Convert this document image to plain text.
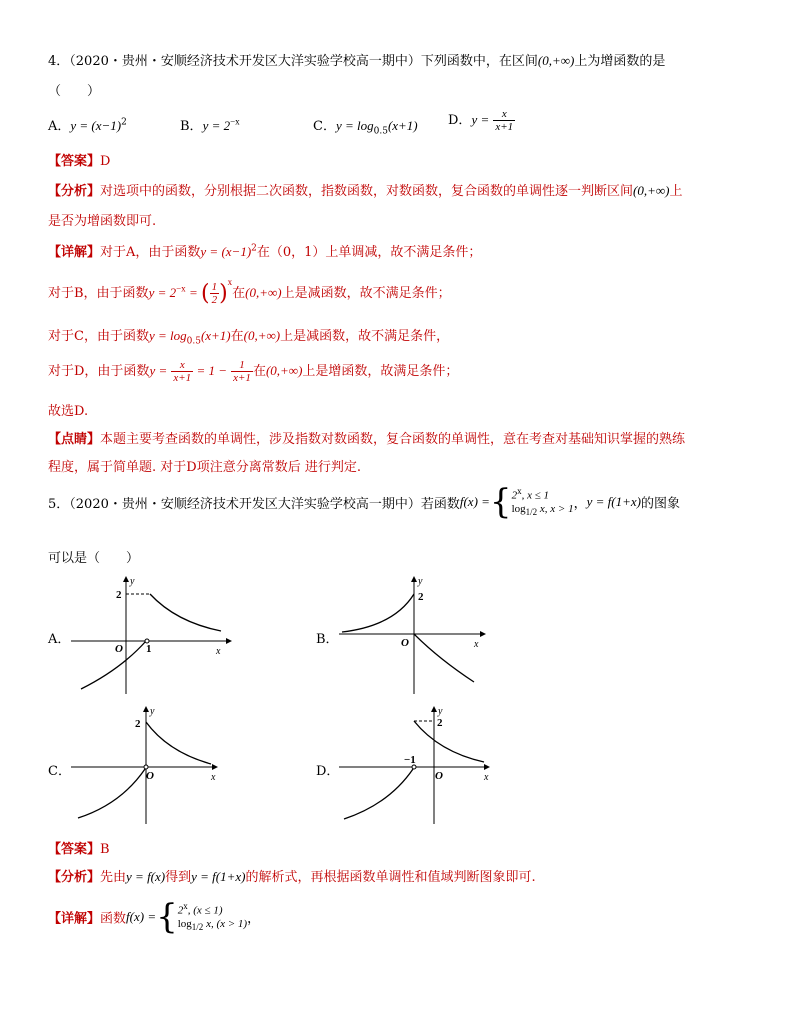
4．（2020・贵州・安顺经济技术开发区大洋实验学校高一期中）下列函数中，在区间(0,+∞)上为增函数的是
（　　）
A．$y = (x-1)^2$	B．$y = 2^{-x}$	C．$y = \log_{0.5}(x+1)$ D．$y = \frac{x}{x+1}$
【答案】D
【分析】对选项中的函数，分别根据二次函数，指数函数，对数函数，复合函数的单调性逐一判断区间(0,+∞)上
是否为增函数即可.
【详解】对于A，由于函数$y = (x-1)^2$在（0，1）上单调减，故不满足条件；
对于B，由于函数$y = 2^{-x}$ = ( $\frac{1}{2} )^x$在(0,+∞)上是减函数，故不满足条件；
对于C，由于函数$y = \log_{0.5}(x+1)$在(0,+∞)上是减函数，故不满足条件，
对于D，由于函数$y = \frac{x}{x+1} = 1 - \frac{1}{x+1}$ 在(0,+∞)上是增函数，故满足条件；
故选D.
【点睛】本题主要考查函数的单调性，涉及指数对数函数，复合函数的单调性，意在考查对基础知识掌握的熟练
程度，属于简单题. 对于D项注意分离常数后 进行判定.
5．（2020・贵州・安顺经济技术开发区大洋实验学校高一期中）若函数f(x) ={ 2$^x$, x ≤ 1
$\log_{1/2} x$, x > 1 ，y = f(1+x)的图象
可以是（　　）
A．	B．
C．	D．
y
x
O
2
1
y
x
O
2
y
x
O
2
y
x
O
2
−1
【答案】B
【分析】先由y = f(x)得到y = f(1+x)的解析式，再根据函数单调性和值域判断图象即可.
【详解】函数f(x) ={ 2$^x$, (x ≤ 1)
$\log_{1/2} x$, (x > 1) ，
